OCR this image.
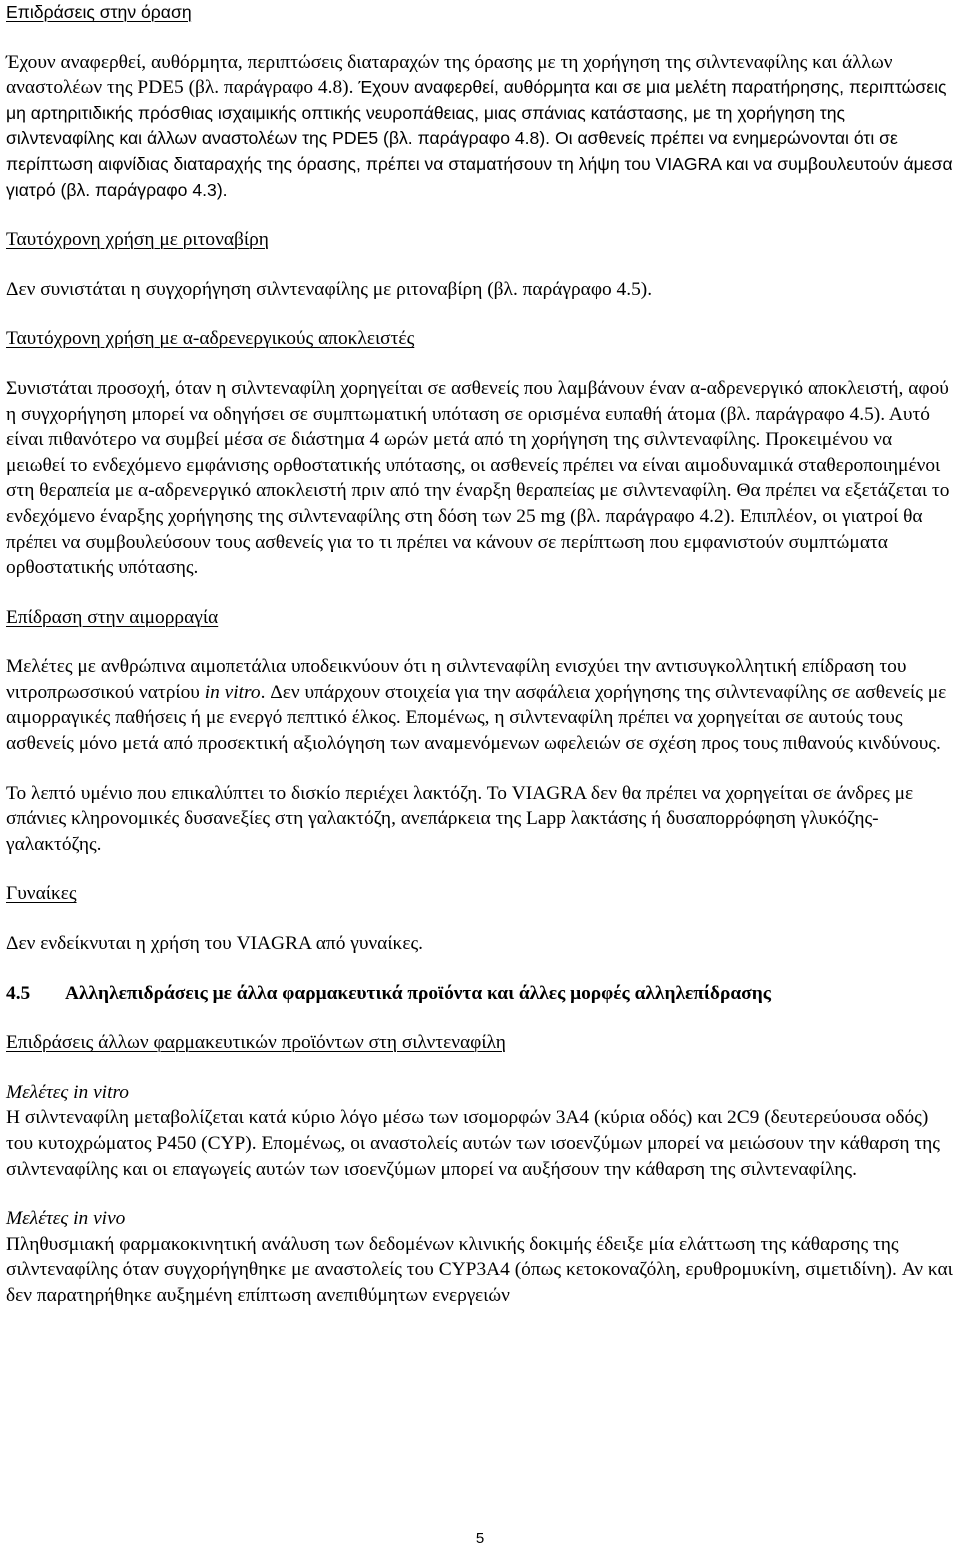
Επιδράσεις στην όραση

Έχουν αναφερθεί, αυθόρμητα, περιπτώσεις διαταραχών της όρασης με τη χορήγηση της σιλντεναφίλης και άλλων αναστολέων της PDE5 (βλ. παράγραφο 4.8). Έχουν αναφερθεί, αυθόρμητα και σε μια μελέτη παρατήρησης, περιπτώσεις μη αρτηριτιδικής πρόσθιας ισχαιμικής οπτικής νευροπάθειας, μιας σπάνιας κατάστασης, με τη χορήγηση της σιλντεναφίλης και άλλων αναστολέων της PDE5 (βλ. παράγραφο 4.8). Οι ασθενείς πρέπει να ενημερώνονται ότι σε περίπτωση αιφνίδιας διαταραχής της όρασης, πρέπει να σταματήσουν τη λήψη του VIAGRA και να συμβουλευτούν άμεσα γιατρό (βλ. παράγραφο 4.3).

Ταυτόχρονη χρήση με ριτοναβίρη

Δεν συνιστάται η συγχορήγηση σιλντεναφίλης με ριτοναβίρη (βλ. παράγραφο 4.5).

Ταυτόχρονη χρήση με α-αδρενεργικούς αποκλειστές

Συνιστάται προσοχή, όταν η σιλντεναφίλη χορηγείται σε ασθενείς που λαμβάνουν έναν α-αδρενεργικό αποκλειστή, αφού η συγχορήγηση μπορεί να οδηγήσει σε συμπτωματική υπόταση σε ορισμένα ευπαθή άτομα (βλ. παράγραφο 4.5). Αυτό είναι πιθανότερο να συμβεί μέσα σε διάστημα 4 ωρών μετά από τη χορήγηση της σιλντεναφίλης. Προκειμένου να μειωθεί το ενδεχόμενο εμφάνισης ορθοστατικής υπότασης, οι ασθενείς πρέπει να είναι αιμοδυναμικά σταθεροποιημένοι στη θεραπεία με α-αδρενεργικό αποκλειστή πριν από την έναρξη θεραπείας με σιλντεναφίλη. Θα πρέπει να εξετάζεται το ενδεχόμενο έναρξης χορήγησης της σιλντεναφίλης στη δόση των 25 mg (βλ. παράγραφο 4.2). Επιπλέον, οι γιατροί θα πρέπει να συμβουλεύσουν τους ασθενείς για το τι πρέπει να κάνουν σε περίπτωση που εμφανιστούν συμπτώματα ορθοστατικής υπότασης.

Επίδραση στην αιμορραγία

Μελέτες με ανθρώπινα αιμοπετάλια υποδεικνύουν ότι η σιλντεναφίλη ενισχύει την αντισυγκολλητική επίδραση του νιτροπρωσσικού νατρίου in vitro. Δεν υπάρχουν στοιχεία για την ασφάλεια χορήγησης της σιλντεναφίλης σε ασθενείς με αιμορραγικές παθήσεις ή με ενεργό πεπτικό έλκος. Επομένως, η σιλντεναφίλη πρέπει να χορηγείται σε αυτούς τους ασθενείς μόνο μετά από προσεκτική αξιολόγηση των αναμενόμενων ωφελειών σε σχέση προς τους πιθανούς κινδύνους.

Το λεπτό υμένιο που επικαλύπτει το δισκίο περιέχει λακτόζη. Το VIAGRA δεν θα πρέπει να χορηγείται σε άνδρες με σπάνιες κληρονομικές δυσανεξίες στη γαλακτόζη, ανεπάρκεια της Lapp λακτάσης ή δυσαπορρόφηση γλυκόζης-γαλακτόζης.

Γυναίκες

Δεν ενδείκνυται η χρήση του VIAGRA από γυναίκες.

4.5 Αλληλεπιδράσεις με άλλα φαρμακευτικά προϊόντα και άλλες μορφές αλληλεπίδρασης

Επιδράσεις άλλων φαρμακευτικών προϊόντων στη σιλντεναφίλη

Μελέτες in vitro

Η σιλντεναφίλη μεταβολίζεται κατά κύριο λόγο μέσω των ισομορφών 3A4 (κύρια οδός) και 2C9 (δευτερεύουσα οδός) του κυτοχρώματος P450 (CYP). Επομένως, οι αναστολείς αυτών των ισοενζύμων μπορεί να μειώσουν την κάθαρση της σιλντεναφίλης και οι επαγωγείς αυτών των ισοενζύμων μπορεί να αυξήσουν την κάθαρση της σιλντεναφίλης.

Μελέτες in vivo

Πληθυσμιακή φαρμακοκινητική ανάλυση των δεδομένων κλινικής δοκιμής έδειξε μία ελάττωση της κάθαρσης της σιλντεναφίλης όταν συγχορήγηθηκε με αναστολείς του CYP3A4 (όπως κετοκοναζόλη, ερυθρομυκίνη, σιμετιδίνη). Αν και δεν παρατηρήθηκε αυξημένη επίπτωση ανεπιθύμητων ενεργειών

5
